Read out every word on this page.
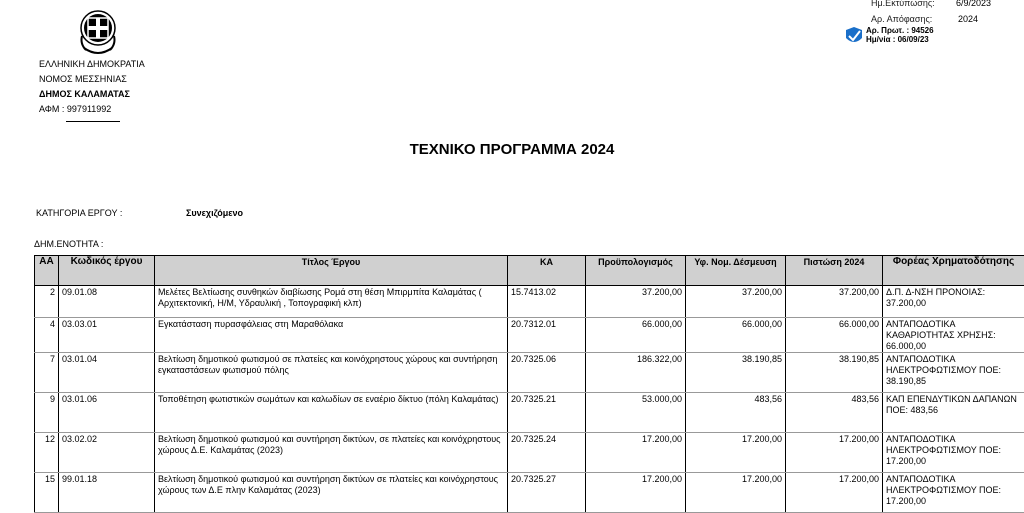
ΕΛΛΗΝΙΚΗ ΔΗΜΟΚΡΑΤΙΑ
ΝΟΜΟΣ ΜΕΣΣΗΝΙΑΣ
ΔΗΜΟΣ ΚΑΛΑΜΑΤΑΣ
ΑΦΜ : 997911992
Ημ.Εκτύπωσης: 6/9/2023
Αρ. Απόφασης:	2024
Αρ. Πρωτ. : 94526
Ημ/νία : 06/09/23
ΤΕΧΝΙΚΟ ΠΡΟΓΡΑΜΜΑ 2024
ΚΑΤΗΓΟΡΙΑ ΕΡΓΟΥ :	Συνεχιζόμενο
ΔΗΜ.ΕΝΟΤΗΤΑ :
ΑΑ	Κωδικός έργου	Τίτλος Έργου	ΚΑ	Προϋπολογισμός	Υφ. Νομ. Δέσμευση	Πιστώση 2024	Φορέας Χρηματοδότησης
2	09.01.08	Μελέτες Βελτίωσης συνθηκών διαβίωσης Ρομά στη θέση Μπιρμπίτα Καλαμάτας ( Αρχιτεκτονική, Η/Μ, Υδραυλική , Τοπογραφική κλπ)	15.7413.02	37.200,00	37.200,00	37.200,00	Δ.Π. Δ-ΝΣΗ ΠΡΟΝΟΙΑΣ: 37.200,00
4	03.03.01	Εγκατάσταση πυρασφάλειας στη Μαραθόλακα	20.7312.01	66.000,00	66.000,00	66.000,00	ΑΝΤΑΠΟΔΟΤΙΚΑ ΚΑΘΑΡΙΟΤΗΤΑΣ ΧΡΗΣΗΣ: 66.000,00
7	03.01.04	Βελτίωση δημοτικού φωτισμού σε πλατείες και κοινόχρηστους χώρους και συντήρηση εγκαταστάσεων φωτισμού πόλης	20.7325.06	186.322,00	38.190,85	38.190,85	ΑΝΤΑΠΟΔΟΤΙΚΑ ΗΛΕΚΤΡΟΦΩΤΙΣΜΟΥ ΠΟΕ: 38.190,85
9	03.01.06	Τοποθέτηση φωτιστικών σωμάτων και καλωδίων σε εναέριο δίκτυο (πόλη Καλαμάτας)	20.7325.21	53.000,00	483,56	483,56	ΚΑΠ ΕΠΕΝΔΥΤΙΚΩΝ ΔΑΠΑΝΩΝ ΠΟΕ: 483,56
12	03.02.02	Βελτίωση δημοτικού φωτισμού και συντήρηση δικτύων, σε πλατείες και κοινόχρηστους χώρους Δ.Ε. Καλαμάτας (2023)	20.7325.24	17.200,00	17.200,00	17.200,00	ΑΝΤΑΠΟΔΟΤΙΚΑ ΗΛΕΚΤΡΟΦΩΤΙΣΜΟΥ ΠΟΕ: 17.200,00
15	99.01.18	Βελτίωση δημοτικού φωτισμού και συντήρηση δικτύων σε πλατείες και κοινόχρηστους χώρους των Δ.Ε πλην Καλαμάτας (2023)	20.7325.27	17.200,00	17.200,00	17.200,00	ΑΝΤΑΠΟΔΟΤΙΚΑ ΗΛΕΚΤΡΟΦΩΤΙΣΜΟΥ ΠΟΕ: 17.200,00
